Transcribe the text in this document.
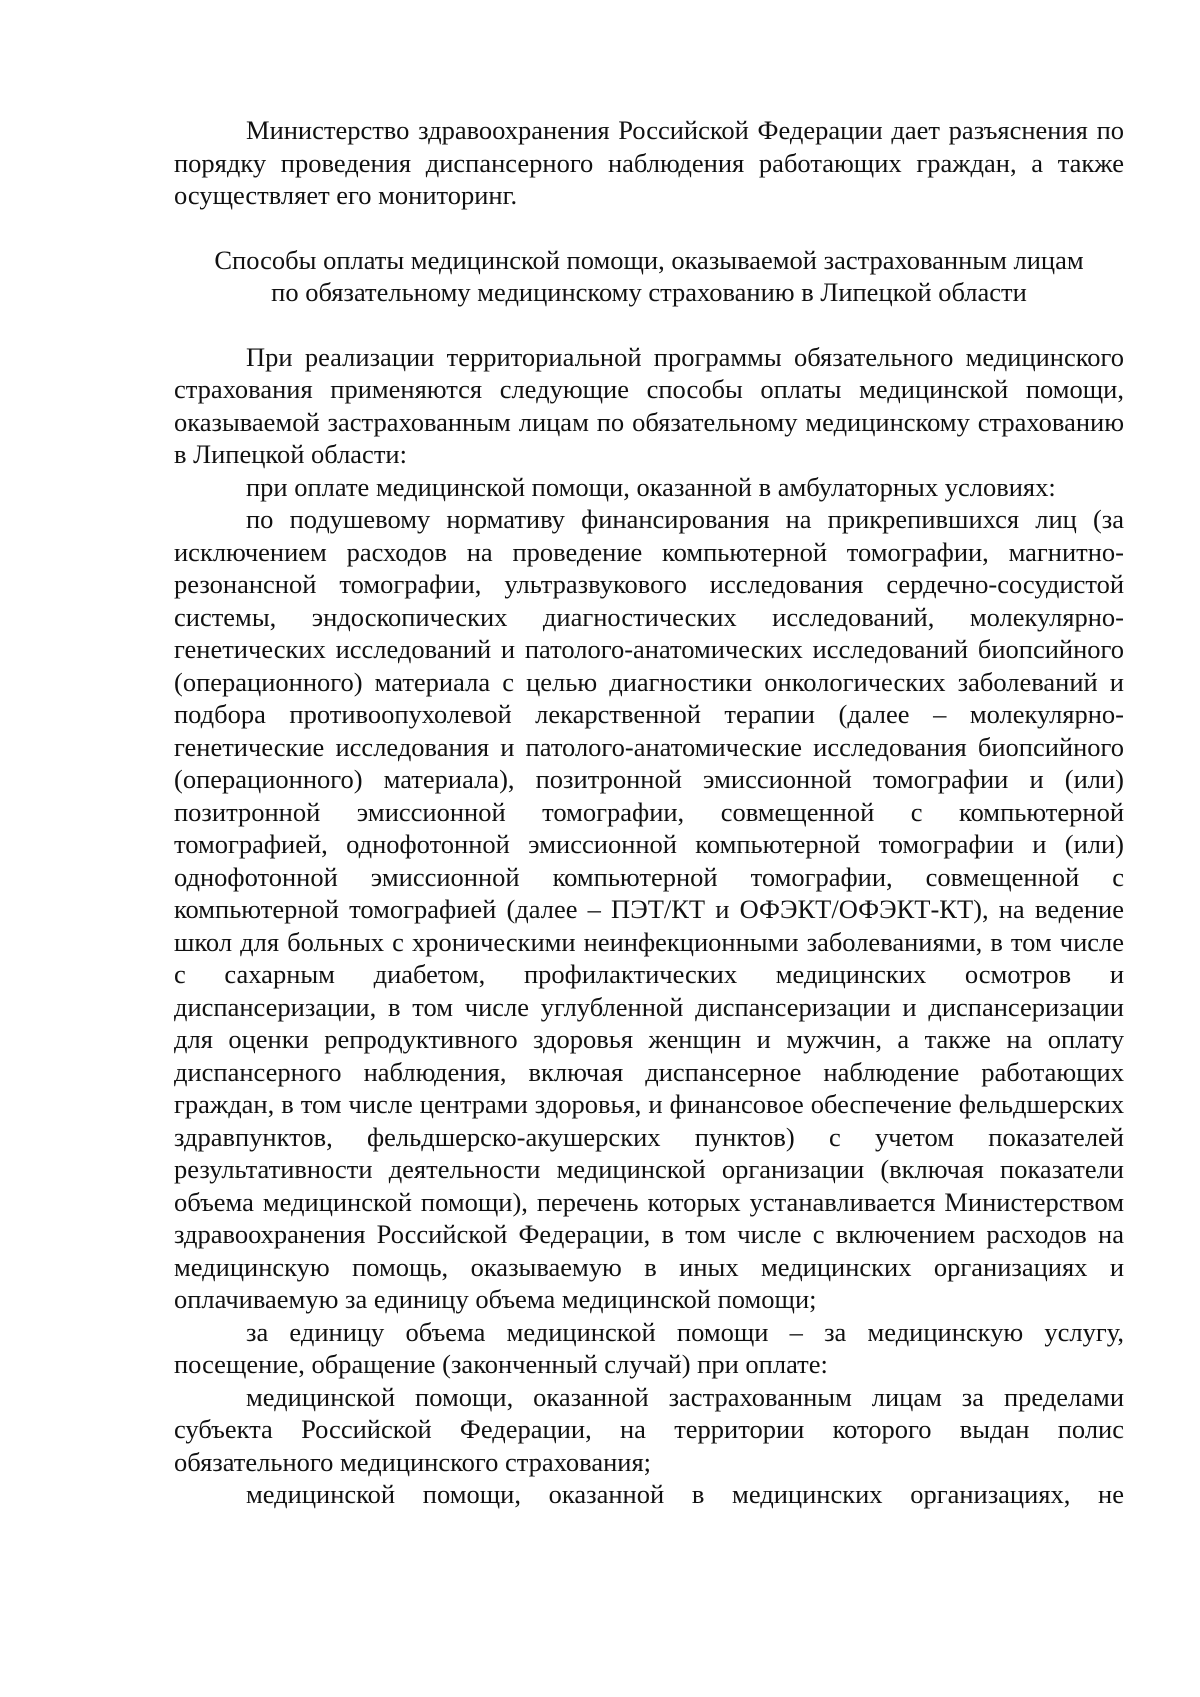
Министерство здравоохранения Российской Федерации дает разъяснения по порядку проведения диспансерного наблюдения работающих граждан, а также осуществляет его мониторинг.

Способы оплаты медицинской помощи, оказываемой застрахованным лицам
по обязательному медицинскому страхованию в Липецкой области

При реализации территориальной программы обязательного медицинского страхования применяются следующие способы оплаты медицинской помощи, оказываемой застрахованным лицам по обязательному медицинскому страхованию в Липецкой области:

при оплате медицинской помощи, оказанной в амбулаторных условиях:

по подушевому нормативу финансирования на прикрепившихся лиц (за исключением расходов на проведение компьютерной томографии, магнитно-резонансной томографии, ультразвукового исследования сердечно-сосудистой системы, эндоскопических диагностических исследований, молекулярно-генетических исследований и патолого-анатомических исследований биопсийного (операционного) материала с целью диагностики онкологических заболеваний и подбора противоопухолевой лекарственной терапии (далее – молекулярно-генетические исследования и патолого-анатомические исследования биопсийного (операционного) материала), позитронной эмиссионной томографии и (или) позитронной эмиссионной томографии, совмещенной с компьютерной томографией, однофотонной эмиссионной компьютерной томографии и (или) однофотонной эмиссионной компьютерной томографии, совмещенной с компьютерной томографией (далее – ПЭТ/КТ и ОФЭКТ/ОФЭКТ-КТ), на ведение школ для больных с хроническими неинфекционными заболеваниями, в том числе с сахарным диабетом, профилактических медицинских осмотров и диспансеризации, в том числе углубленной диспансеризации и диспансеризации для оценки репродуктивного здоровья женщин и мужчин, а также на оплату диспансерного наблюдения, включая диспансерное наблюдение работающих граждан, в том числе центрами здоровья, и финансовое обеспечение фельдшерских здравпунктов, фельдшерско-акушерских пунктов) с учетом показателей результативности деятельности медицинской организации (включая показатели объема медицинской помощи), перечень которых устанавливается Министерством здравоохранения Российской Федерации, в том числе с включением расходов на медицинскую помощь, оказываемую в иных медицинских организациях и оплачиваемую за единицу объема медицинской помощи;

за единицу объема медицинской помощи – за медицинскую услугу, посещение, обращение (законченный случай) при оплате:

медицинской помощи, оказанной застрахованным лицам за пределами субъекта Российской Федерации, на территории которого выдан полис обязательного медицинского страхования;

медицинской помощи, оказанной в медицинских организациях, не
